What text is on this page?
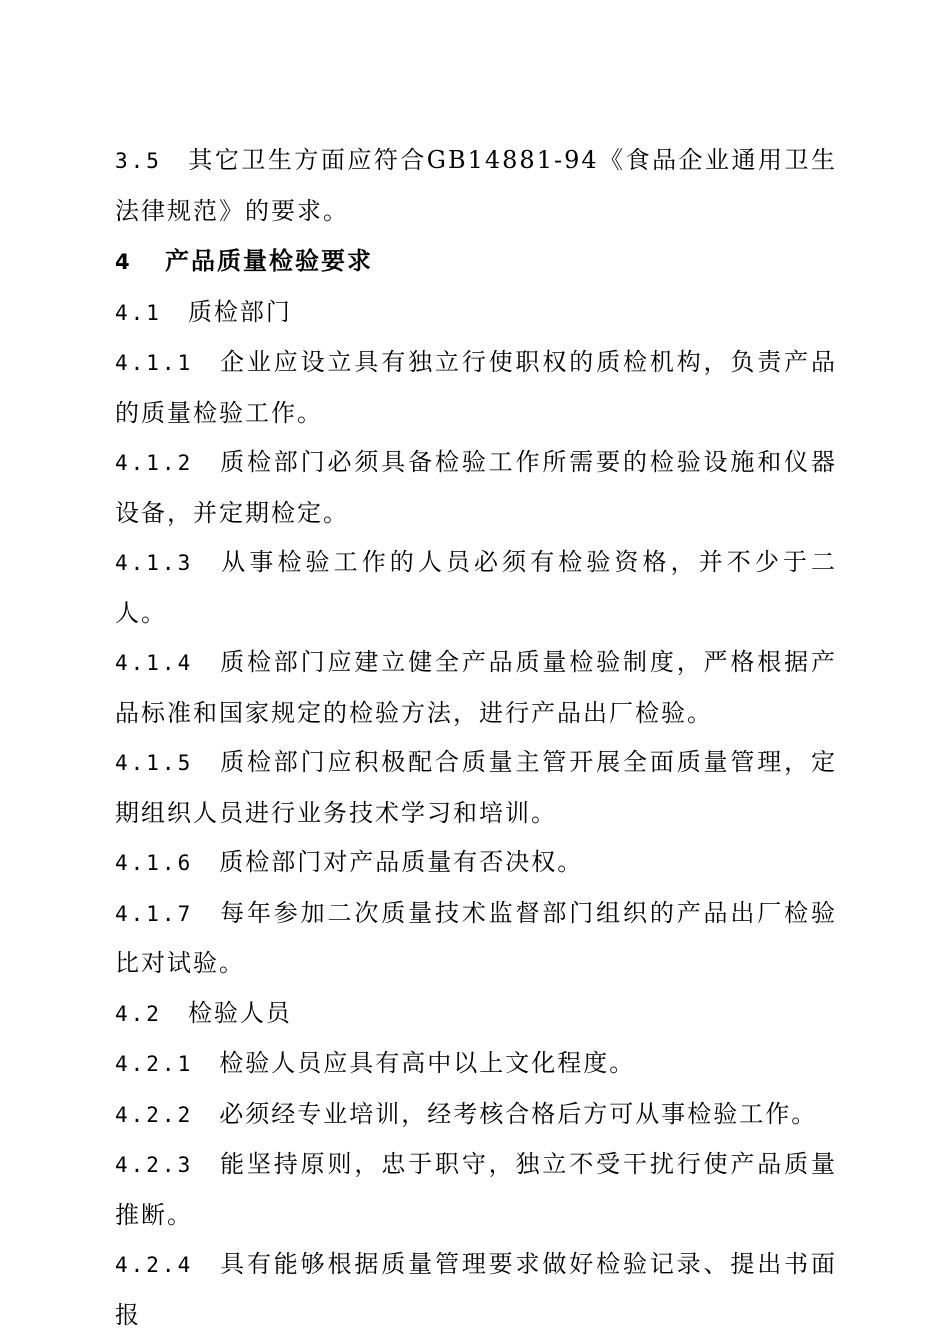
3.5 其它卫生方面应符合GB14881-94《食品企业通用卫生法律规范》的要求。

4 产品质量检验要求

4.1 质检部门

4.1.1 企业应设立具有独立行使职权的质检机构，负责产品的质量检验工作。

4.1.2 质检部门必须具备检验工作所需要的检验设施和仪器设备，并定期检定。

4.1.3 从事检验工作的人员必须有检验资格，并不少于二人。

4.1.4 质检部门应建立健全产品质量检验制度，严格根据产品标准和国家规定的检验方法，进行产品出厂检验。

4.1.5 质检部门应积极配合质量主管开展全面质量管理，定期组织人员进行业务技术学习和培训。

4.1.6 质检部门对产品质量有否决权。

4.1.7 每年参加二次质量技术监督部门组织的产品出厂检验比对试验。

4.2 检验人员

4.2.1 检验人员应具有高中以上文化程度。

4.2.2 必须经专业培训，经考核合格后方可从事检验工作。

4.2.3 能坚持原则，忠于职守，独立不受干扰行使产品质量推断。

4.2.4 具有能够根据质量管理要求做好检验记录、提出书面报
